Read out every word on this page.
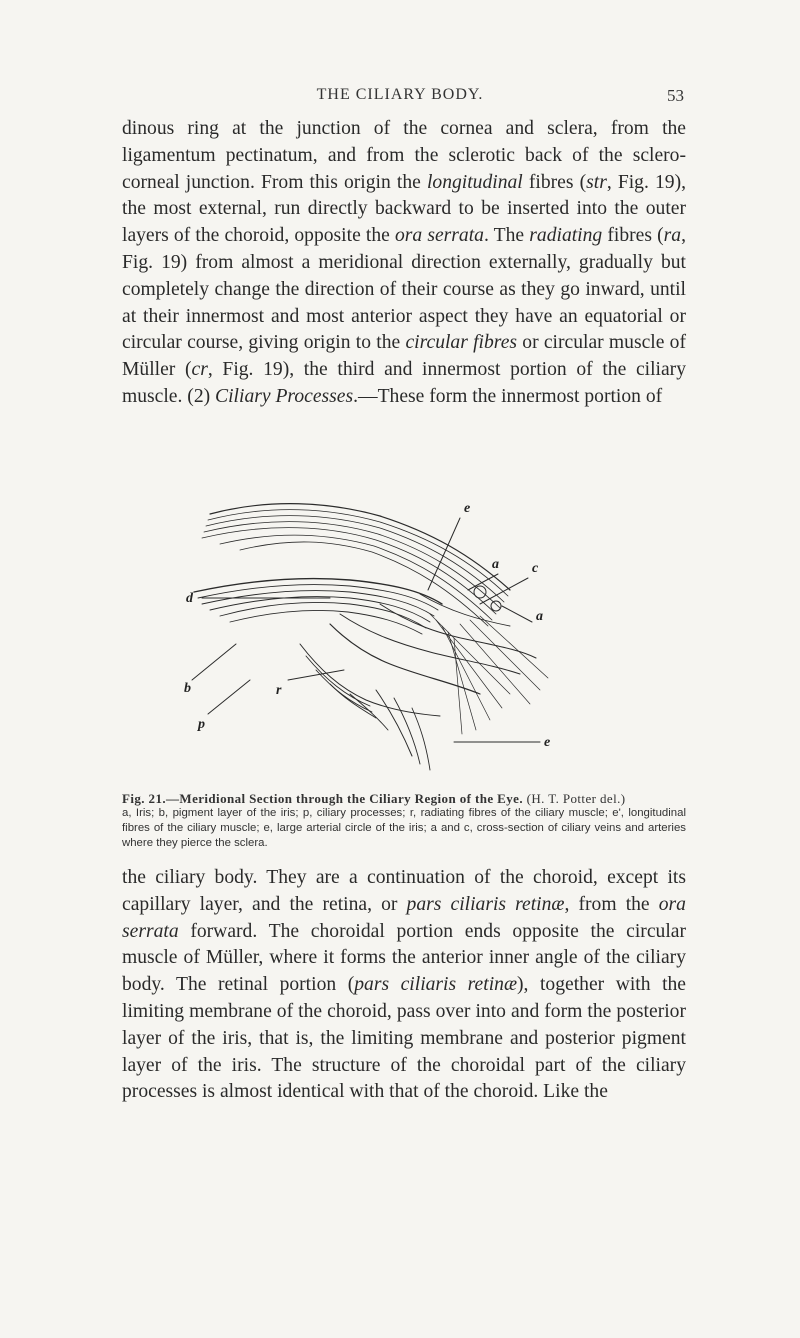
THE CILIARY BODY.	53

dinous ring at the junction of the cornea and sclera, from the ligamentum pectinatum, and from the sclerotic back of the sclero-corneal junction. From this origin the longitudinal fibres (str, Fig. 19), the most external, run directly backward to be inserted into the outer layers of the choroid, opposite the ora serrata. The radiating fibres (ra, Fig. 19) from almost a meridional direction externally, gradually but completely change the direction of their course as they go inward, until at their innermost and most anterior aspect they have an equatorial or circular course, giving origin to the circular fibres or circular muscle of Müller (cr, Fig. 19), the third and innermost portion of the ciliary muscle. (2) Ciliary Processes.—These form the innermost portion of

e
a c
a
d
b
p
r
e
Fig. 21.—Meridional Section through the Ciliary Region of the Eye. (H. T. Potter del.)
a, Iris; b, pigment layer of the iris; p, ciliary processes; r, radiating fibres of the ciliary muscle; e', longitudinal fibres of the ciliary muscle; e, large arterial circle of the iris; a and c, cross-section of ciliary veins and arteries where they pierce the sclera.

the ciliary body. They are a continuation of the choroid, except its capillary layer, and the retina, or pars ciliaris retinæ, from the ora serrata forward. The choroidal portion ends opposite the circular muscle of Müller, where it forms the anterior inner angle of the ciliary body. The retinal portion (pars ciliaris retinæ), together with the limiting membrane of the choroid, pass over into and form the posterior layer of the iris, that is, the limiting membrane and posterior pigment layer of the iris. The structure of the choroidal part of the ciliary processes is almost identical with that of the choroid. Like the
